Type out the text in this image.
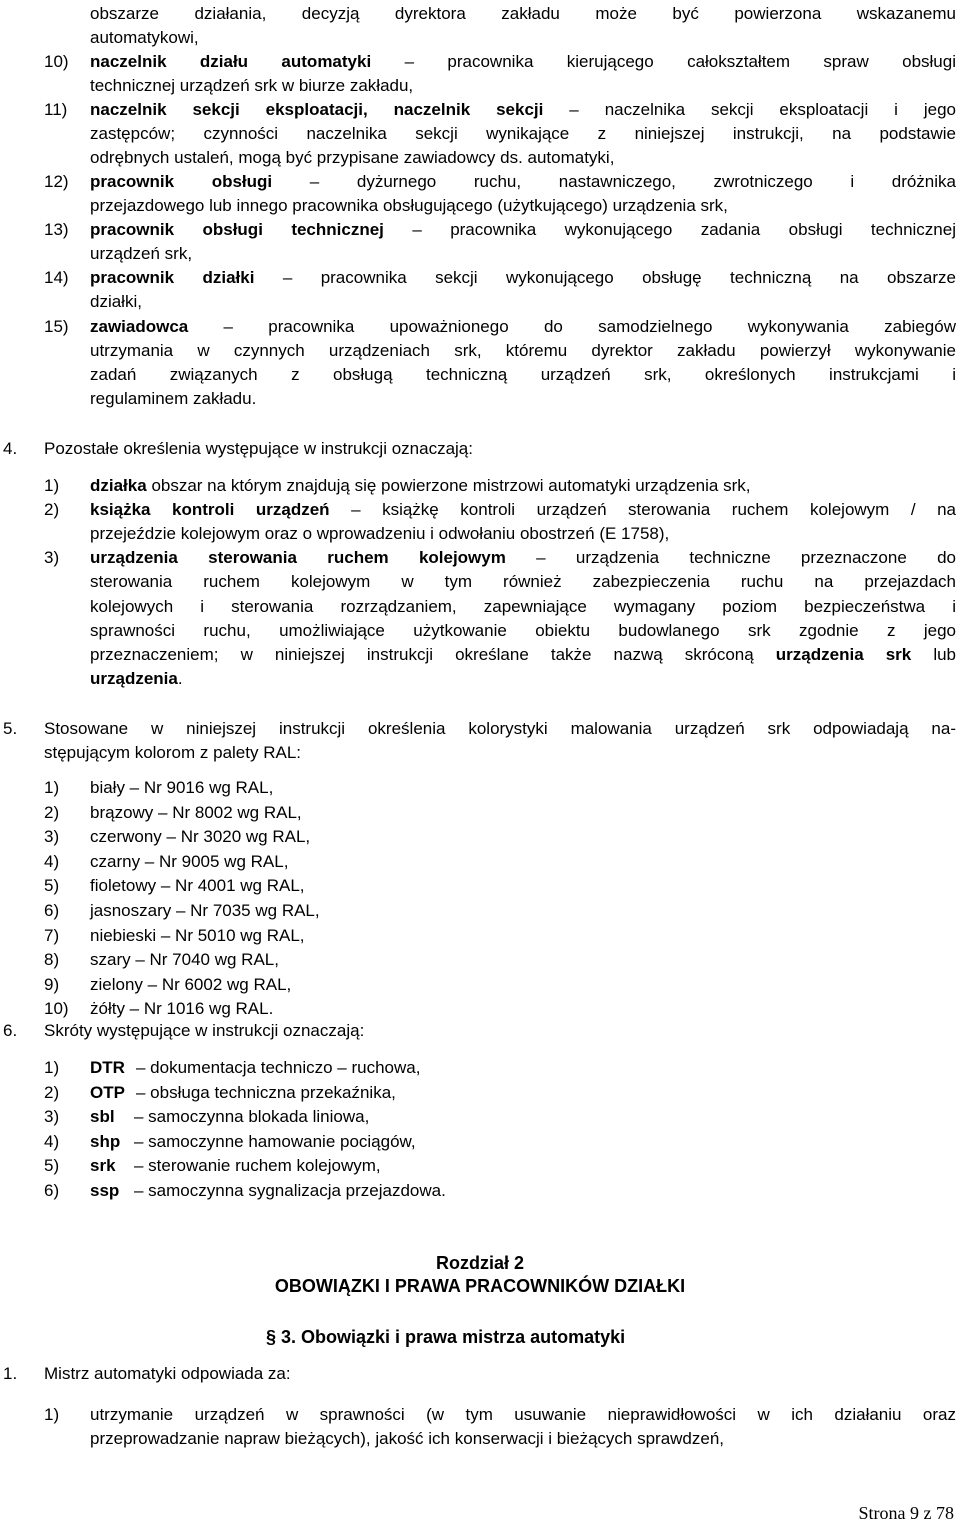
obszarze działania, decyzją dyrektora zakładu może być powierzona wskazanemu
automatykowi,
10) naczelnik działu automatyki – pracownika kierującego całokształtem spraw obsługi
technicznej urządzeń srk w biurze zakładu,
11) naczelnik sekcji eksploatacji, naczelnik sekcji – naczelnika sekcji eksploatacji i jego
zastępców; czynności naczelnika sekcji wynikające z niniejszej instrukcji, na podstawie
odrębnych ustaleń, mogą być przypisane zawiadowcy ds. automatyki,
12) pracownik obsługi – dyżurnego ruchu, nastawniczego, zwrotniczego i dróżnika
przejazdowego lub innego pracownika obsługującego (użytkującego) urządzenia srk,
13) pracownik obsługi technicznej – pracownika wykonującego zadania obsługi technicznej
urządzeń srk,
14) pracownik działki – pracownika sekcji wykonującego obsługę techniczną na obszarze
działki,
15) zawiadowca – pracownika upoważnionego do samodzielnego wykonywania zabiegów
utrzymania w czynnych urządzeniach srk, któremu dyrektor zakładu powierzył wykonywanie
zadań związanych z obsługą techniczną urządzeń srk, określonych instrukcjami i
regulaminem zakładu.
4. Pozostałe określenia występujące w instrukcji oznaczają:
1) działka obszar na którym znajdują się powierzone mistrzowi automatyki urządzenia srk,
2) książka kontroli urządzeń – książkę kontroli urządzeń sterowania ruchem kolejowym / na
przejeździe kolejowym oraz o wprowadzeniu i odwołaniu obostrzeń (E 1758),
3) urządzenia sterowania ruchem kolejowym – urządzenia techniczne przeznaczone do
sterowania ruchem kolejowym w tym również zabezpieczenia ruchu na przejazdach
kolejowych i sterowania rozrządzaniem, zapewniające wymagany poziom bezpieczeństwa i
sprawności ruchu, umożliwiające użytkowanie obiektu budowlanego srk zgodnie z jego
przeznaczeniem; w niniejszej instrukcji określane także nazwą skróconą urządzenia srk lub
urządzenia.
5. Stosowane w niniejszej instrukcji określenia kolorystyki malowania urządzeń srk odpowiadają na-
stępującym kolorom z palety RAL:
1) biały – Nr 9016 wg RAL,
2) brązowy – Nr 8002 wg RAL,
3) czerwony – Nr 3020 wg RAL,
4) czarny – Nr 9005 wg RAL,
5) fioletowy – Nr 4001 wg RAL,
6) jasnoszary – Nr 7035 wg RAL,
7) niebieski – Nr 5010 wg RAL,
8) szary – Nr 7040 wg RAL,
9) zielony – Nr 6002 wg RAL,
10) żółty – Nr 1016 wg RAL.
6. Skróty występujące w instrukcji oznaczają:
1) DTR – dokumentacja techniczo – ruchowa,
2) OTP – obsługa techniczna przekaźnika,
3) sbl – samoczynna blokada liniowa,
4) shp – samoczynne hamowanie pociągów,
5) srk – sterowanie ruchem kolejowym,
6) ssp – samoczynna sygnalizacja przejazdowa.
Rozdział 2
OBOWIĄZKI I PRAWA PRACOWNIKÓW DZIAŁKI
§ 3. Obowiązki i prawa mistrza automatyki
1. Mistrz automatyki odpowiada za:
1) utrzymanie urządzeń w sprawności (w tym usuwanie nieprawidłowości w ich działaniu oraz
przeprowadzanie napraw bieżących), jakość ich konserwacji i bieżących sprawdzeń,
Strona 9 z 78
